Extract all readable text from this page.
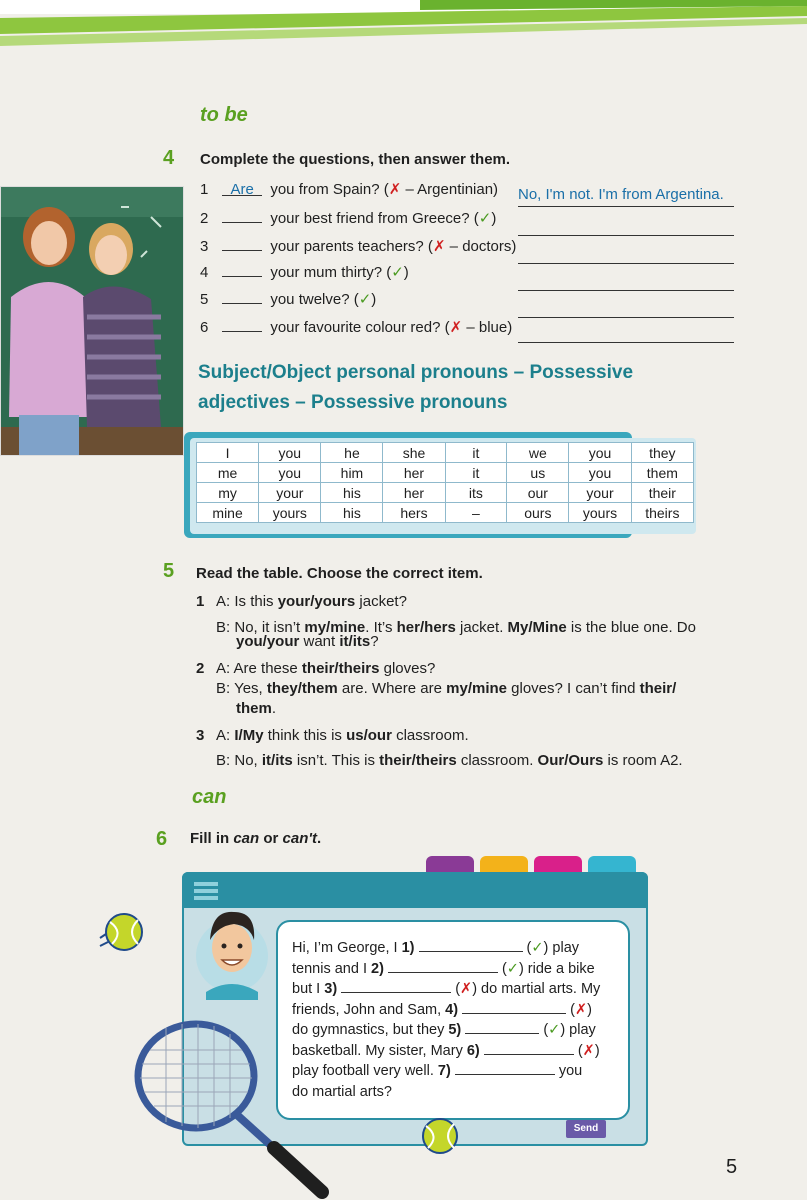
to be
4 Complete the questions, then answer them.
1 Are you from Spain? (✗ – Argentinian) No, I'm not. I'm from Argentina.
2	your best friend from Greece? (✓)
3	your parents teachers? (✗ – doctors)
4	your mum thirty? (✓)
5	you twelve? (✓)
6	your favourite colour red? (✗ – blue)
Subject/Object personal pronouns – Possessive
adjectives – Possessive pronouns
I	you	he	she	it	we	you	they
me	you	him	her	it	us	you	them
my	your	his	her	its	our	your	their
mine	yours	his	hers	–	ours	yours	theirs
5 Read the table. Choose the correct item.
1 A: Is this your/yours jacket?
B: No, it isn’t my/mine. It’s her/hers jacket. My/Mine is the blue one. Do
you/your want it/its?
2 A: Are these their/theirs gloves?
B: Yes, they/them are. Where are my/mine gloves? I can’t find their/
them.
3 A: I/My think this is us/our classroom.
B: No, it/its isn’t. This is their/theirs classroom. Our/Ours is room A2.
can
6 Fill in can or can't.
Hi, I’m George, I 1)	(✓) play
tennis and I 2)	(✓) ride a bike
but I 3)	(✗) do martial arts. My
friends, John and Sam, 4)	(✗)
do gymnastics, but they 5)	(✓) play
basketball. My sister, Mary 6)	(✗)
play football very well. 7)	you
do martial arts?
Send
5
